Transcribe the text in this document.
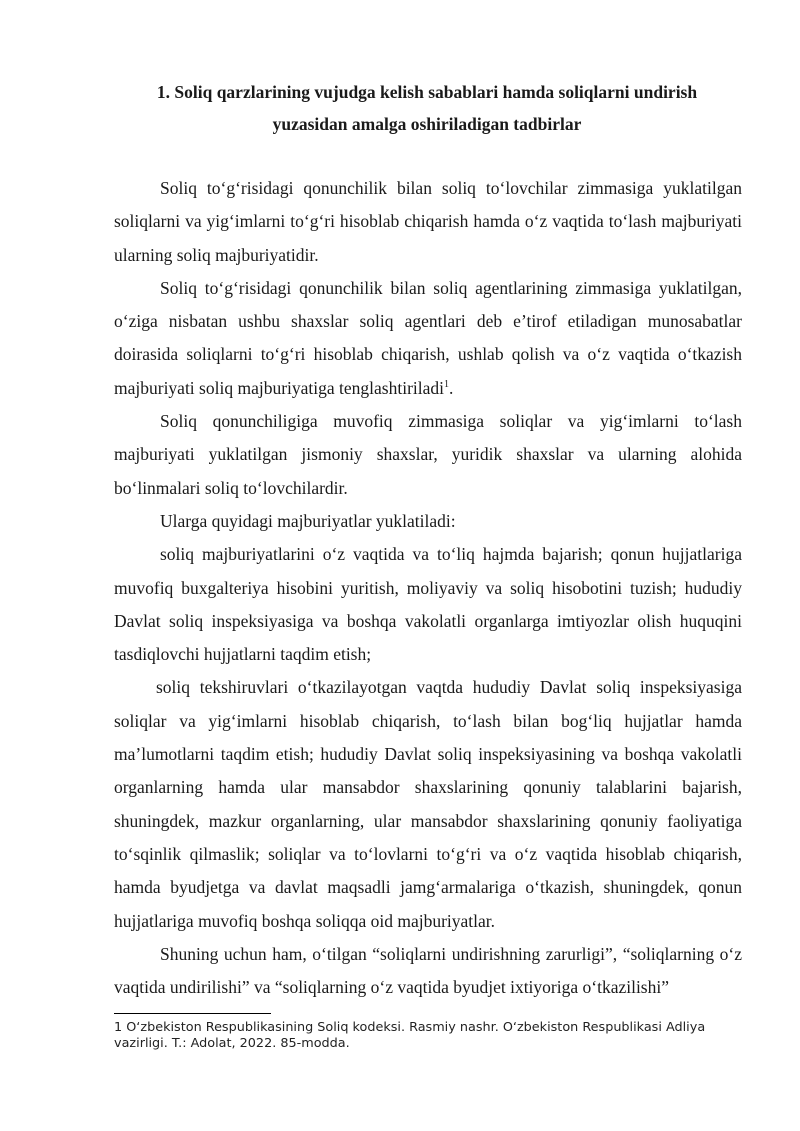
1. Soliq qarzlarining vujudga kelish sabablari hamda soliqlarni undirish
yuzasidan amalga oshiriladigan tadbirlar

Soliq to‘g‘risidagi qonunchilik bilan soliq to‘lovchilar zimmasiga yuklatilgan soliqlarni va yig‘imlarni to‘g‘ri hisoblab chiqarish hamda o‘z vaqtida to‘lash majburiyati ularning soliq majburiyatidir.

Soliq to‘g‘risidagi qonunchilik bilan soliq agentlarining zimmasiga yuklatilgan, o‘ziga nisbatan ushbu shaxslar soliq agentlari deb e’tirof etiladigan munosabatlar doirasida soliqlarni to‘g‘ri hisoblab chiqarish, ushlab qolish va o‘z vaqtida o‘tkazish majburiyati soliq majburiyatiga tenglashtiriladi$^1$.

Soliq qonunchiligiga muvofiq zimmasiga soliqlar va yig‘imlarni to‘lash majburiyati yuklatilgan jismoniy shaxslar, yuridik shaxslar va ularning alohida bo‘linmalari soliq to‘lovchilardir.

Ularga quyidagi majburiyatlar yuklatiladi:

soliq majburiyatlarini o‘z vaqtida va to‘liq hajmda bajarish; qonun hujjatlariga muvofiq buxgalteriya hisobini yuritish, moliyaviy va soliq hisobotini tuzish; hududiy Davlat soliq inspeksiyasiga va boshqa vakolatli organlarga imtiyozlar olish huquqini tasdiqlovchi hujjatlarni taqdim etish;

soliq tekshiruvlari o‘tkazilayotgan vaqtda hududiy Davlat soliq inspeksiyasiga soliqlar va yig‘imlarni hisoblab chiqarish, to‘lash bilan bog‘liq hujjatlar hamda ma’lumotlarni taqdim etish; hududiy Davlat soliq inspeksiyasining va boshqa vakolatli organlarning hamda ular mansabdor shaxslarining qonuniy talablarini bajarish, shuningdek, mazkur organlarning, ular mansabdor shaxslarining qonuniy faoliyatiga to‘sqinlik qilmaslik; soliqlar va to‘lovlarni to‘g‘ri va o‘z vaqtida hisoblab chiqarish, hamda byudjetga va davlat maqsadli jamg‘armalariga o‘tkazish, shuningdek, qonun hujjatlariga muvofiq boshqa soliqqa oid majburiyatlar.

Shuning uchun ham, o‘tilgan “soliqlarni undirishning zarurligi”, “soliqlarning o‘z vaqtida undirilishi” va “soliqlarning o‘z vaqtida byudjet ixtiyoriga o‘tkazilishi”

1 O‘zbekiston Respublikasining Soliq kodeksi. Rasmiy nashr. O‘zbekiston Respublikasi Adliya vazirligi. T.: Adolat, 2022. 85-modda.
